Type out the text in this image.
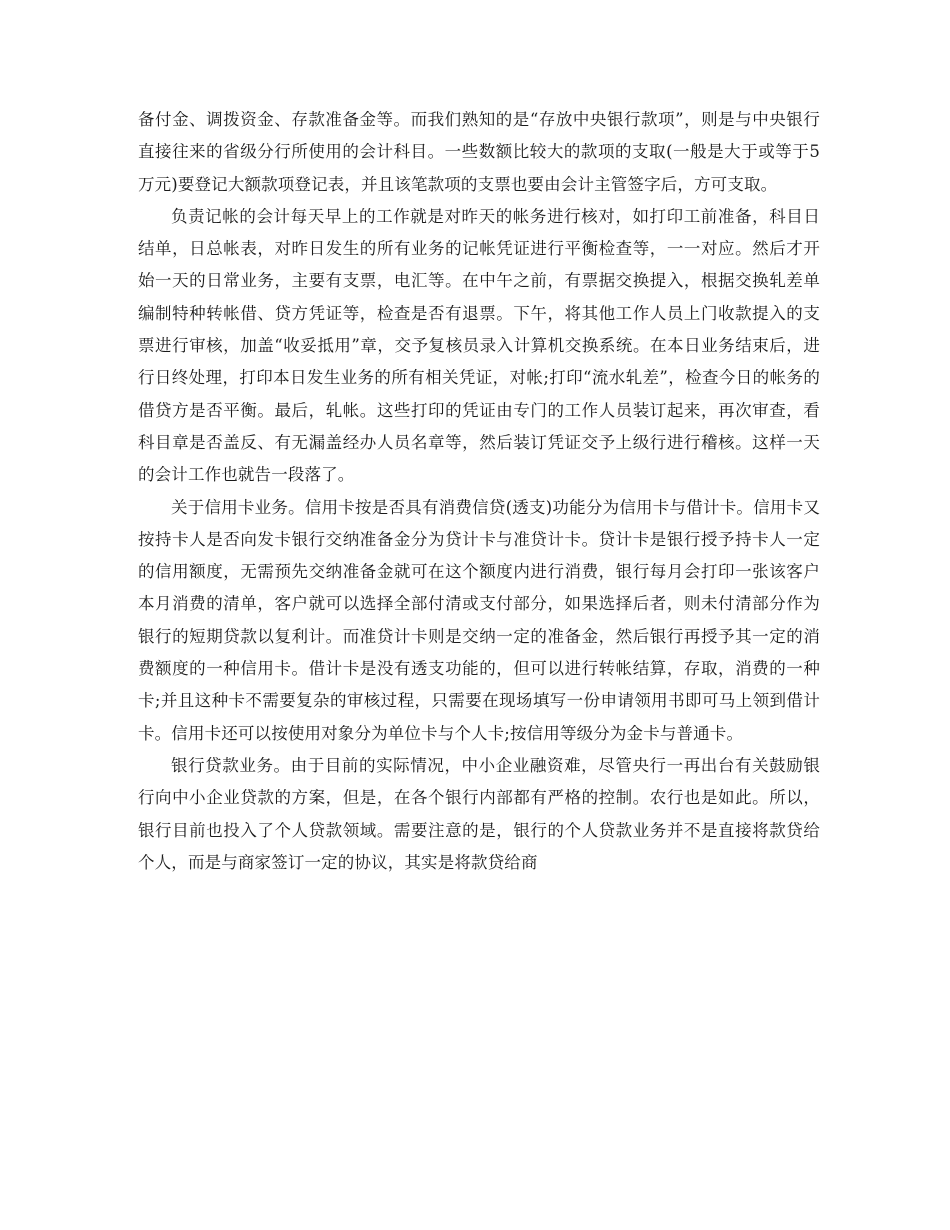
备付金、调拨资金、存款准备金等。而我们熟知的是“存放中央银行款项”，则是与中央银行直接往来的省级分行所使用的会计科目。一些数额比较大的款项的支取(一般是大于或等于5万元)要登记大额款项登记表，并且该笔款项的支票也要由会计主管签字后，方可支取。

负责记帐的会计每天早上的工作就是对昨天的帐务进行核对，如打印工前准备，科目日结单，日总帐表，对昨日发生的所有业务的记帐凭证进行平衡检查等，一一对应。然后才开始一天的日常业务，主要有支票，电汇等。在中午之前，有票据交换提入，根据交换轧差单编制特种转帐借、贷方凭证等，检查是否有退票。下午，将其他工作人员上门收款提入的支票进行审核，加盖“收妥抵用”章，交予复核员录入计算机交换系统。在本日业务结束后，进行日终处理，打印本日发生业务的所有相关凭证，对帐;打印“流水轧差”，检查今日的帐务的借贷方是否平衡。最后，轧帐。这些打印的凭证由专门的工作人员装订起来，再次审查，看科目章是否盖反、有无漏盖经办人员名章等，然后装订凭证交予上级行进行稽核。这样一天的会计工作也就告一段落了。

关于信用卡业务。信用卡按是否具有消费信贷(透支)功能分为信用卡与借计卡。信用卡又按持卡人是否向发卡银行交纳准备金分为贷计卡与准贷计卡。贷计卡是银行授予持卡人一定的信用额度，无需预先交纳准备金就可在这个额度内进行消费，银行每月会打印一张该客户本月消费的清单，客户就可以选择全部付清或支付部分，如果选择后者，则未付清部分作为银行的短期贷款以复利计。而准贷计卡则是交纳一定的准备金，然后银行再授予其一定的消费额度的一种信用卡。借计卡是没有透支功能的，但可以进行转帐结算，存取，消费的一种卡;并且这种卡不需要复杂的审核过程，只需要在现场填写一份申请领用书即可马上领到借计卡。信用卡还可以按使用对象分为单位卡与个人卡;按信用等级分为金卡与普通卡。

银行贷款业务。由于目前的实际情况，中小企业融资难，尽管央行一再出台有关鼓励银行向中小企业贷款的方案，但是，在各个银行内部都有严格的控制。农行也是如此。所以，银行目前也投入了个人贷款领域。需要注意的是，银行的个人贷款业务并不是直接将款贷给个人，而是与商家签订一定的协议，其实是将款贷给商
